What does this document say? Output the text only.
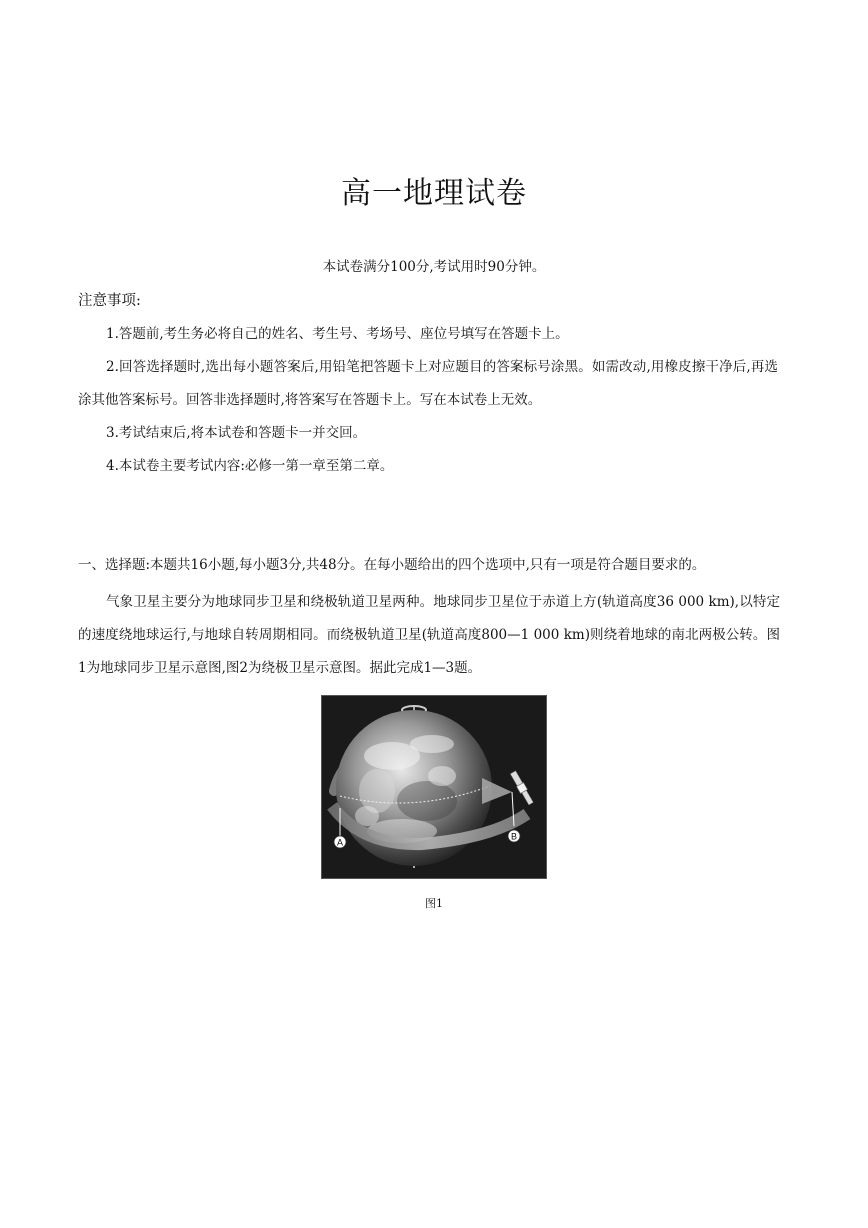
高一地理试卷
本试卷满分100分,考试用时90分钟。
注意事项:
1.答题前,考生务必将自己的姓名、考生号、考场号、座位号填写在答题卡上。
2.回答选择题时,选出每小题答案后,用铅笔把答题卡上对应题目的答案标号涂黑。如需改动,用橡皮擦干净后,再选涂其他答案标号。回答非选择题时,将答案写在答题卡上。写在本试卷上无效。
3.考试结束后,将本试卷和答题卡一并交回。
4.本试卷主要考试内容:必修一第一章至第二章。
一、选择题:本题共16小题,每小题3分,共48分。在每小题给出的四个选项中,只有一项是符合题目要求的。
气象卫星主要分为地球同步卫星和绕极轨道卫星两种。地球同步卫星位于赤道上方(轨道高度36 000 km),以特定的速度绕地球运行,与地球自转周期相同。而绕极轨道卫星(轨道高度800—1 000 km)则绕着地球的南北两极公转。图1为地球同步卫星示意图,图2为绕极卫星示意图。据此完成1—3题。
A
B
图1
